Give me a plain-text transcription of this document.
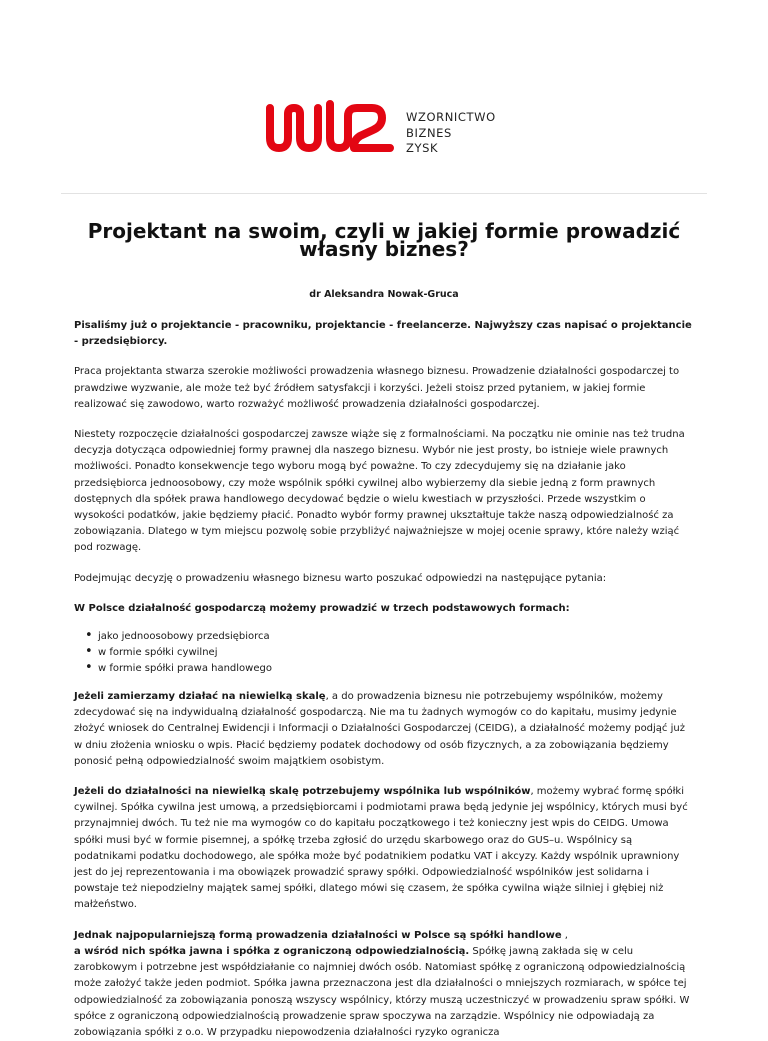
WZORNICTWO
BIZNES
ZYSK
Projektant na swoim, czyli w jakiej formie prowadzić własny biznes?
dr Aleksandra Nowak-Gruca

Pisaliśmy już o projektancie - pracowniku, projektancie - freelancerze. Najwyższy czas napisać o projektancie - przedsiębiorcy.

Praca projektanta stwarza szerokie możliwości prowadzenia własnego biznesu. Prowadzenie działalności gospodarczej to prawdziwe wyzwanie, ale może też być źródłem satysfakcji i korzyści. Jeżeli stoisz przed pytaniem, w jakiej formie realizować się zawodowo, warto rozważyć możliwość prowadzenia działalności gospodarczej.

Niestety rozpoczęcie działalności gospodarczej zawsze wiąże się z formalnościami. Na początku nie ominie nas też trudna decyzja dotycząca odpowiedniej formy prawnej dla naszego biznesu. Wybór nie jest prosty, bo istnieje wiele prawnych możliwości. Ponadto konsekwencje tego wyboru mogą być poważne. To czy zdecydujemy się na działanie jako przedsiębiorca jednoosobowy, czy może wspólnik spółki cywilnej albo wybierzemy dla siebie jedną z form prawnych dostępnych dla spółek prawa handlowego decydować będzie o wielu kwestiach w przyszłości. Przede wszystkim o wysokości podatków, jakie będziemy płacić. Ponadto wybór formy prawnej ukształtuje także naszą odpowiedzialność za zobowiązania. Dlatego w tym miejscu pozwolę sobie przybliżyć najważniejsze w mojej ocenie sprawy, które należy wziąć pod rozwagę.

Podejmując decyzję o prowadzeniu własnego biznesu warto poszukać odpowiedzi na następujące pytania:

W Polsce działalność gospodarczą możemy prowadzić w trzech podstawowych formach:

• jako jednoosobowy przedsiębiorca
• w formie spółki cywilnej
• w formie spółki prawa handlowego

Jeżeli zamierzamy działać na niewielką skalę, a do prowadzenia biznesu nie potrzebujemy wspólników, możemy zdecydować się na indywidualną działalność gospodarczą. Nie ma tu żadnych wymogów co do kapitału, musimy jedynie złożyć wniosek do Centralnej Ewidencji i Informacji o Działalności Gospodarczej (CEIDG), a działalność możemy podjąć już w dniu złożenia wniosku o wpis. Płacić będziemy podatek dochodowy od osób fizycznych, a za zobowiązania będziemy ponosić pełną odpowiedzialność swoim majątkiem osobistym.

Jeżeli do działalności na niewielką skalę potrzebujemy wspólnika lub wspólników, możemy wybrać formę spółki cywilnej. Spółka cywilna jest umową, a przedsiębiorcami i podmiotami prawa będą jedynie jej wspólnicy, których musi być przynajmniej dwóch. Tu też nie ma wymogów co do kapitału początkowego i też konieczny jest wpis do CEIDG. Umowa spółki musi być w formie pisemnej, a spółkę trzeba zgłosić do urzędu skarbowego oraz do GUS–u. Wspólnicy są podatnikami podatku dochodowego, ale spółka może być podatnikiem podatku VAT i akcyzy. Każdy wspólnik uprawniony jest do jej reprezentowania i ma obowiązek prowadzić sprawy spółki. Odpowiedzialność wspólników jest solidarna i powstaje też niepodzielny majątek samej spółki, dlatego mówi się czasem, że spółka cywilna wiąże silniej i głębiej niż małżeństwo.

Jednak najpopularniejszą formą prowadzenia działalności w Polsce są spółki handlowe ,
a wśród nich spółka jawna i spółka z ograniczoną odpowiedzialnością. Spółkę jawną zakłada się w celu zarobkowym i potrzebne jest współdziałanie co najmniej dwóch osób. Natomiast spółkę z ograniczoną odpowiedzialnością może założyć także jeden podmiot. Spółka jawna przeznaczona jest dla działalności o mniejszych rozmiarach, w spółce tej odpowiedzialność za zobowiązania ponoszą wszyscy wspólnicy, którzy muszą uczestniczyć w prowadzeniu spraw spółki. W spółce z ograniczoną odpowiedzialnością prowadzenie spraw spoczywa na zarządzie. Wspólnicy nie odpowiadają za zobowiązania spółki z o.o. W przypadku niepowodzenia działalności ryzyko ogranicza
